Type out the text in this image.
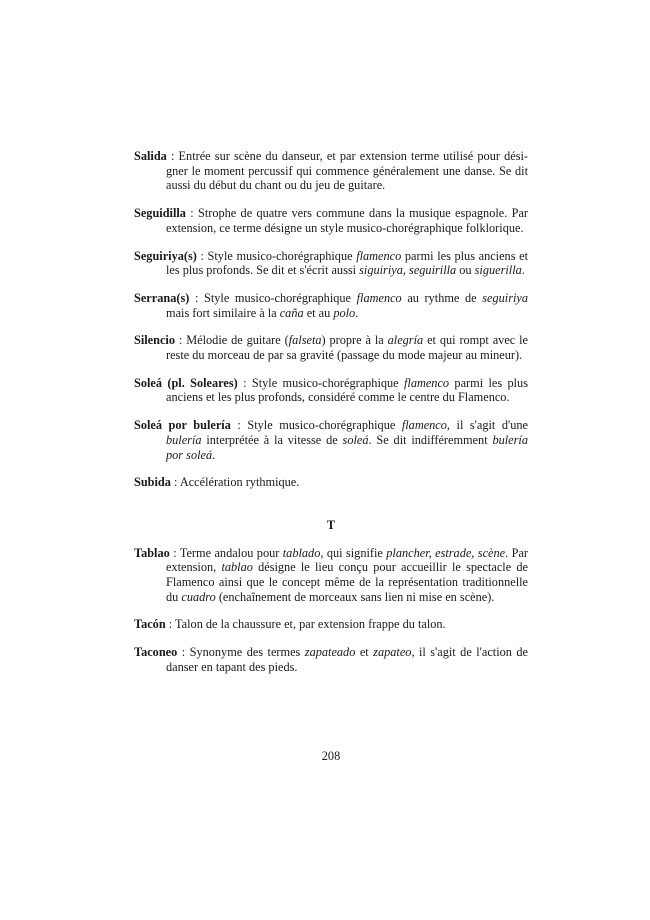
Salida : Entrée sur scène du danseur, et par extension terme utilisé pour dési-gner le moment percussif qui commence généralement une danse. Se dit aussi du début du chant ou du jeu de guitare.

Seguidilla : Strophe de quatre vers commune dans la musique espagnole. Par extension, ce terme désigne un style musico-chorégraphique folklorique.

Seguiriya(s) : Style musico-chorégraphique flamenco parmi les plus anciens et les plus profonds. Se dit et s'écrit aussi siguiriya, seguirilla ou siguerilla.

Serrana(s) : Style musico-chorégraphique flamenco au rythme de seguiriya mais fort similaire à la caña et au polo.

Silencio : Mélodie de guitare (falseta) propre à la alegría et qui rompt avec le reste du morceau de par sa gravité (passage du mode majeur au mineur).

Soleá (pl. Soleares) : Style musico-chorégraphique flamenco parmi les plus anciens et les plus profonds, considéré comme le centre du Flamenco.

Soleá por bulería : Style musico-chorégraphique flamenco, il s'agit d'une bulería interprétée à la vitesse de soleá. Se dit indifféremment bulería por soleá.

Subida : Accélération rythmique.

T

Tablao : Terme andalou pour tablado, qui signifie plancher, estrade, scène. Par extension, tablao désigne le lieu conçu pour accueillir le spectacle de Flamenco ainsi que le concept même de la représentation traditionnelle du cuadro (enchaînement de morceaux sans lien ni mise en scène).

Tacón : Talon de la chaussure et, par extension frappe du talon.

Taconeo : Synonyme des termes zapateado et zapateo, il s'agit de l'action de danser en tapant des pieds.

208
